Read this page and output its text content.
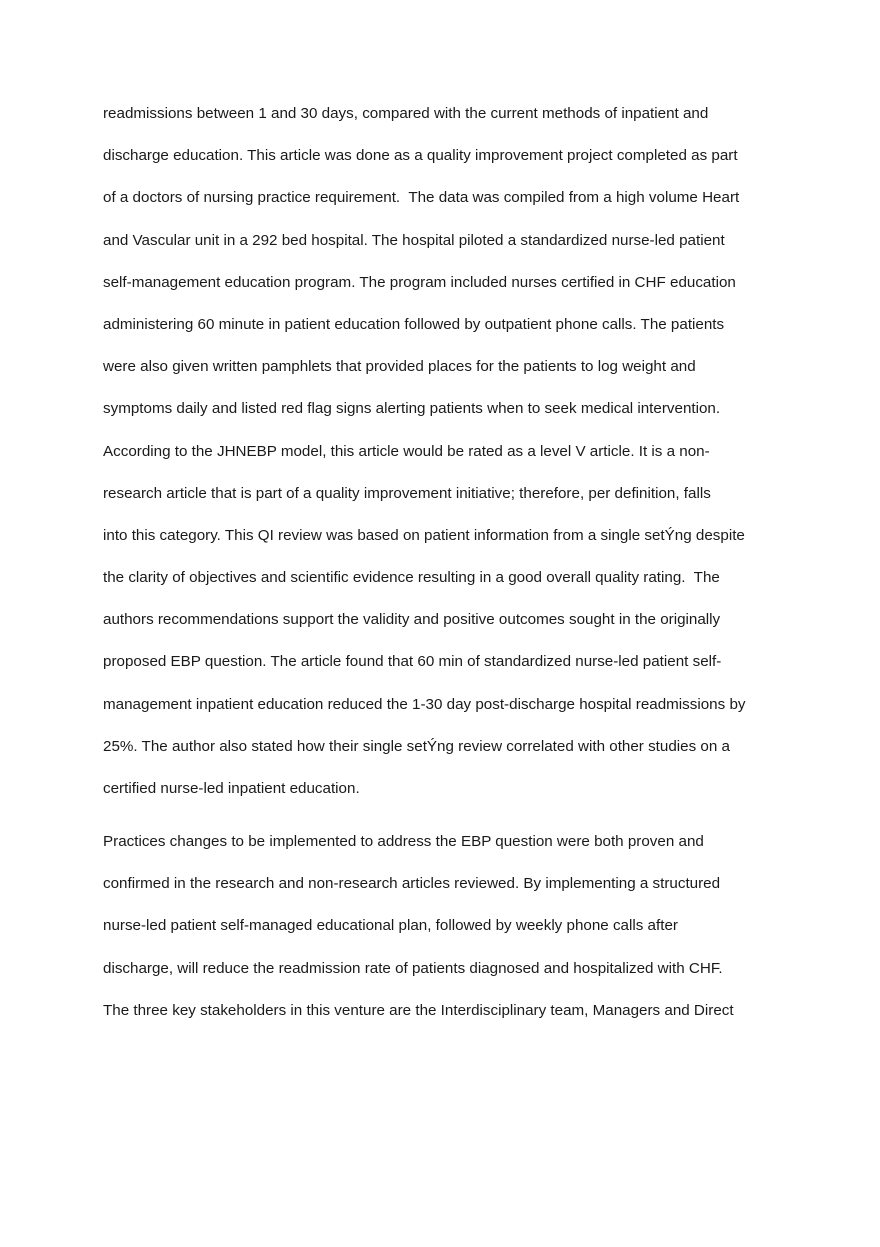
readmissions between 1 and 30 days, compared with the current methods of inpatient and
discharge education. This article was done as a quality improvement project completed as part
of a doctors of nursing practice requirement.  The data was compiled from a high volume Heart
and Vascular unit in a 292 bed hospital. The hospital piloted a standardized nurse-led patient
self-management education program. The program included nurses certified in CHF education
administering 60 minute in patient education followed by outpatient phone calls. The patients
were also given written pamphlets that provided places for the patients to log weight and
symptoms daily and listed red flag signs alerting patients when to seek medical intervention.
According to the JHNEBP model, this article would be rated as a level V article. It is a non-
research article that is part of a quality improvement initiative; therefore, per definition, falls
into this category. This QI review was based on patient information from a single setÝng despite
the clarity of objectives and scientific evidence resulting in a good overall quality rating.  The
authors recommendations support the validity and positive outcomes sought in the originally
proposed EBP question. The article found that 60 min of standardized nurse-led patient self-
management inpatient education reduced the 1-30 day post-discharge hospital readmissions by
25%. The author also stated how their single setÝng review correlated with other studies on a
certified nurse-led inpatient education.

Practices changes to be implemented to address the EBP question were both proven and
confirmed in the research and non-research articles reviewed. By implementing a structured
nurse-led patient self-managed educational plan, followed by weekly phone calls after
discharge, will reduce the readmission rate of patients diagnosed and hospitalized with CHF.
The three key stakeholders in this venture are the Interdisciplinary team, Managers and Direct
